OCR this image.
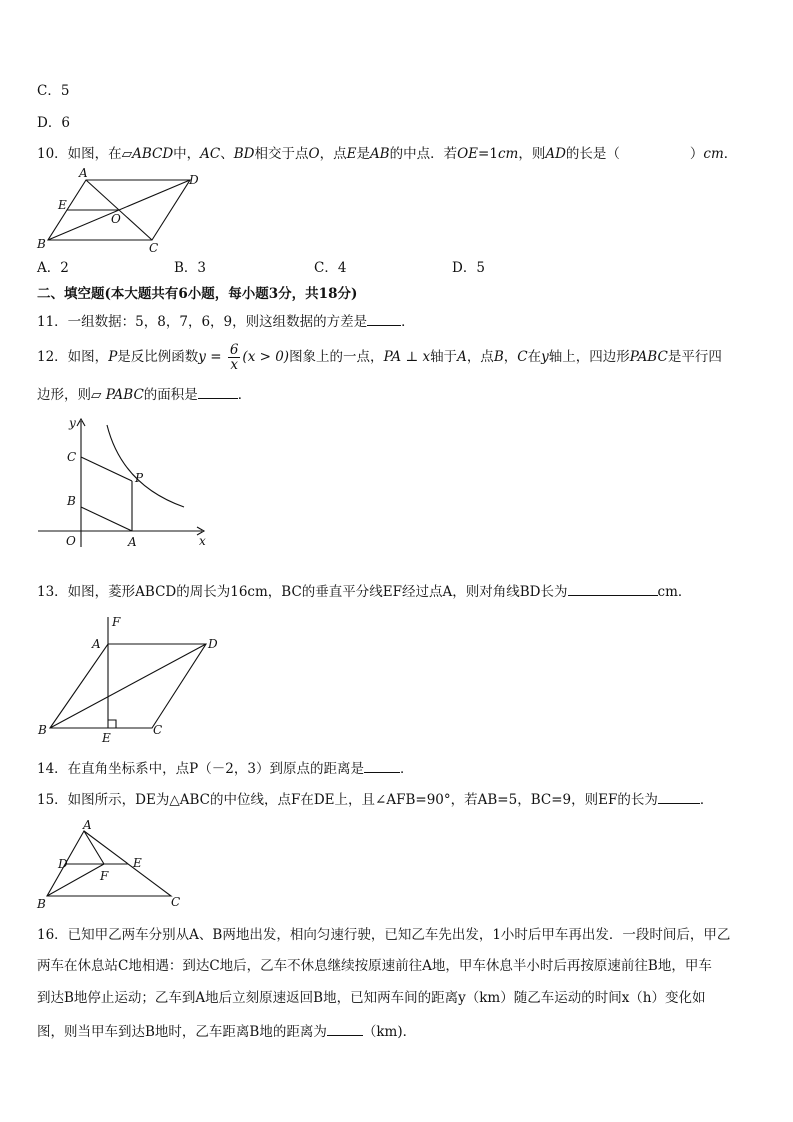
C．5
D．6
10．如图，在▱ABCD中，AC、BD相交于点O，点E是AB的中点．若OE=1cm，则AD的长是（	）cm．
A	D
B	C
E
O
A．2	B．3	C．4	D．5
二、填空题(本大题共有6小题，每小题3分，共18分)
11．一组数据：5，8，7，6，9，则这组数据的方差是	．
12．如图，P是反比例函数$y = \frac{6}{x} (x > 0)$图象上的一点，PA ⊥ x轴于A，点B，C在y轴上，四边形PABC是平行四
边形，则▱ PABC的面积是	．
y
x
O	A
B
C
P
13．如图，菱形ABCD的周长为16cm，BC的垂直平分线EF经过点A，则对角线BD长为	cm．
F
A	D
B
E
C
14．在直角坐标系中，点P（－2，3）到原点的距离是	．
15．如图所示，DE为△ABC的中位线，点F在DE上，且∠AFB=90°，若AB=5，BC=9，则EF的长为	．
A
D	E
F
B	C
16．已知甲乙两车分别从A、B两地出发，相向匀速行驶，已知乙车先出发，1小时后甲车再出发．一段时间后，甲乙
两车在休息站C地相遇：到达C地后，乙车不休息继续按原速前往A地，甲车休息半小时后再按原速前往B地，甲车
到达B地停止运动；乙车到A地后立刻原速返回B地，已知两车间的距离y（km）随乙车运动的时间x（h）变化如
图，则当甲车到达B地时，乙车距离B地的距离为	（km)．
